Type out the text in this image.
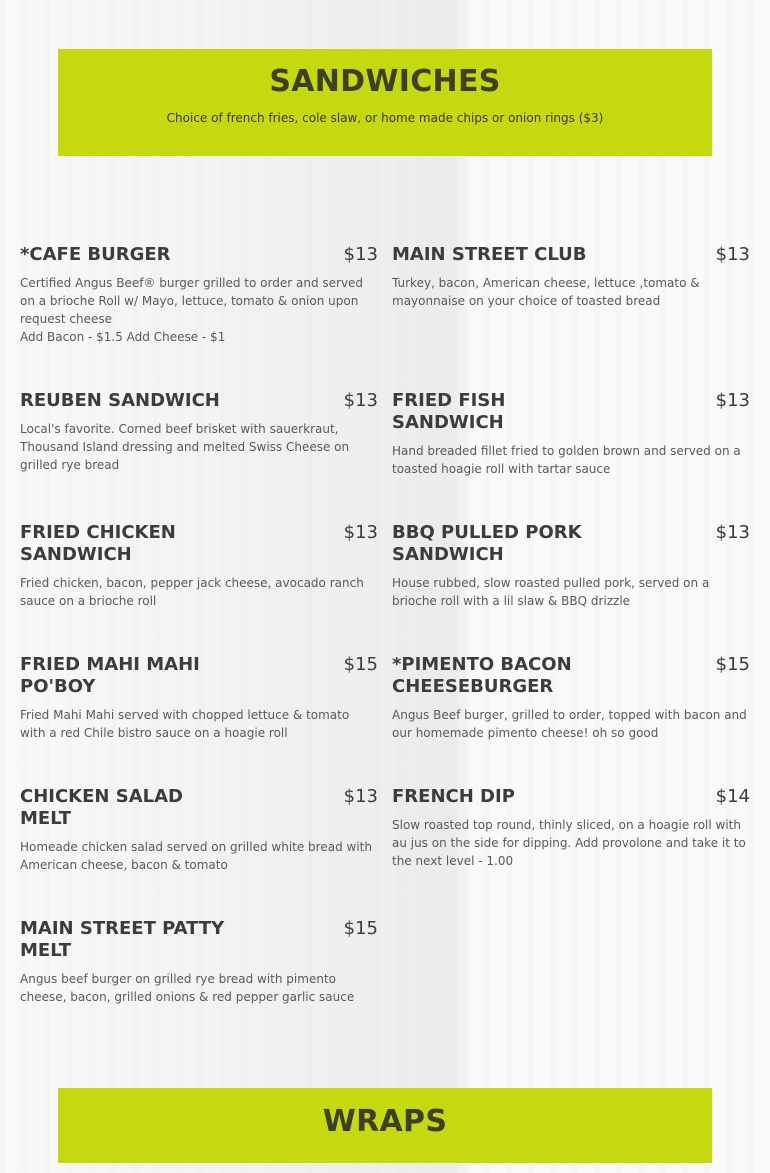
SANDWICHES
Choice of french fries, cole slaw, or home made chips or onion rings ($3)
*CAFE BURGER	$13
Certified Angus Beef® burger grilled to order and served on a brioche Roll w/ Mayo, lettuce, tomato & onion upon request cheese
Add Bacon - $1.5 Add Cheese - $1
MAIN STREET CLUB	$13
Turkey, bacon, American cheese, lettuce ,tomato & mayonnaise on your choice of toasted bread
REUBEN SANDWICH	$13
Local's favorite. Corned beef brisket with sauerkraut, Thousand Island dressing and melted Swiss Cheese on grilled rye bread
FRIED FISH SANDWICH
$13
Hand breaded fillet fried to golden brown and served on a toasted hoagie roll with tartar sauce
FRIED CHICKEN SANDWICH
$13
Fried chicken, bacon, pepper jack cheese, avocado ranch sauce on a brioche roll
BBQ PULLED PORK SANDWICH
$13
House rubbed, slow roasted pulled pork, served on a brioche roll with a lil slaw & BBQ drizzle
FRIED MAHI MAHI PO'BOY
$15
Fried Mahi Mahi served with chopped lettuce & tomato with a red Chile bistro sauce on a hoagie roll
*PIMENTO BACON CHEESEBURGER
$15
Angus Beef burger, grilled to order, topped with bacon and our homemade pimento cheese! oh so good
CHICKEN SALAD MELT
$13
Homeade chicken salad served on grilled white bread with American cheese, bacon & tomato
FRENCH DIP	$14
Slow roasted top round, thinly sliced, on a hoagie roll with au jus on the side for dipping. Add provolone and take it to the next level - 1.00
MAIN STREET PATTY MELT
$15
Angus beef burger on grilled rye bread with pimento cheese, bacon, grilled onions & red pepper garlic sauce
WRAPS
